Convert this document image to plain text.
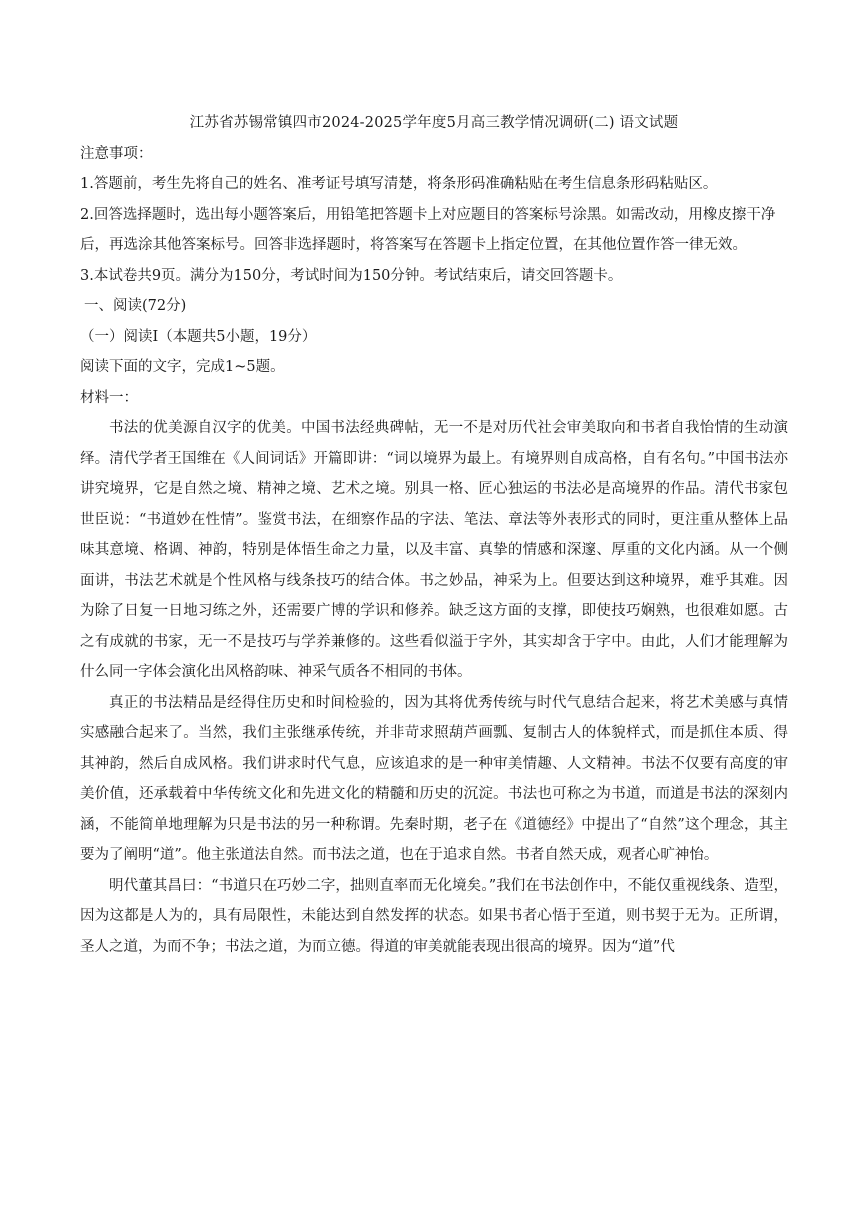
江苏省苏锡常镇四市2024-2025学年度5月高三教学情况调研(二) 语文试题

注意事项：

1.答题前，考生先将自己的姓名、准考证号填写清楚，将条形码准确粘贴在考生信息条形码粘贴区。

2.回答选择题时，选出每小题答案后，用铅笔把答题卡上对应题目的答案标号涂黑。如需改动，用橡皮擦干净后，再选涂其他答案标号。回答非选择题时，将答案写在答题卡上指定位置，在其他位置作答一律无效。

3.本试卷共9页。满分为150分，考试时间为150分钟。考试结束后，请交回答题卡。

一、阅读(72分)

（一）阅读Ⅰ（本题共5小题，19分）

阅读下面的文字，完成1~5题。

材料一：

书法的优美源自汉字的优美。中国书法经典碑帖，无一不是对历代社会审美取向和书者自我怡情的生动演绎。清代学者王国维在《人间词话》开篇即讲：“词以境界为最上。有境界则自成高格，自有名句。”中国书法亦讲究境界，它是自然之境、精神之境、艺术之境。别具一格、匠心独运的书法必是高境界的作品。清代书家包世臣说：“书道妙在性情”。鉴赏书法，在细察作品的字法、笔法、章法等外表形式的同时，更注重从整体上品味其意境、格调、神韵，特别是体悟生命之力量，以及丰富、真挚的情感和深邃、厚重的文化内涵。从一个侧面讲，书法艺术就是个性风格与线条技巧的结合体。书之妙品，神采为上。但要达到这种境界，难乎其难。因为除了日复一日地习练之外，还需要广博的学识和修养。缺乏这方面的支撑，即使技巧娴熟，也很难如愿。古之有成就的书家，无一不是技巧与学养兼修的。这些看似溢于字外，其实却含于字中。由此，人们才能理解为什么同一字体会演化出风格韵味、神采气质各不相同的书体。

真正的书法精品是经得住历史和时间检验的，因为其将优秀传统与时代气息结合起来，将艺术美感与真情实感融合起来了。当然，我们主张继承传统，并非苛求照葫芦画瓢、复制古人的体貌样式，而是抓住本质、得其神韵，然后自成风格。我们讲求时代气息，应该追求的是一种审美情趣、人文精神。书法不仅要有高度的审美价值，还承载着中华传统文化和先进文化的精髓和历史的沉淀。书法也可称之为书道，而道是书法的深刻内涵，不能简单地理解为只是书法的另一种称谓。先秦时期，老子在《道德经》中提出了“自然”这个理念，其主要为了阐明“道”。他主张道法自然。而书法之道，也在于追求自然。书者自然天成，观者心旷神怡。

明代董其昌曰：“书道只在巧妙二字，拙则直率而无化境矣。”我们在书法创作中，不能仅重视线条、造型，因为这都是人为的，具有局限性，未能达到自然发挥的状态。如果书者心悟于至道，则书契于无为。正所谓，圣人之道，为而不争；书法之道，为而立德。得道的审美就能表现出很高的境界。因为“道”代
